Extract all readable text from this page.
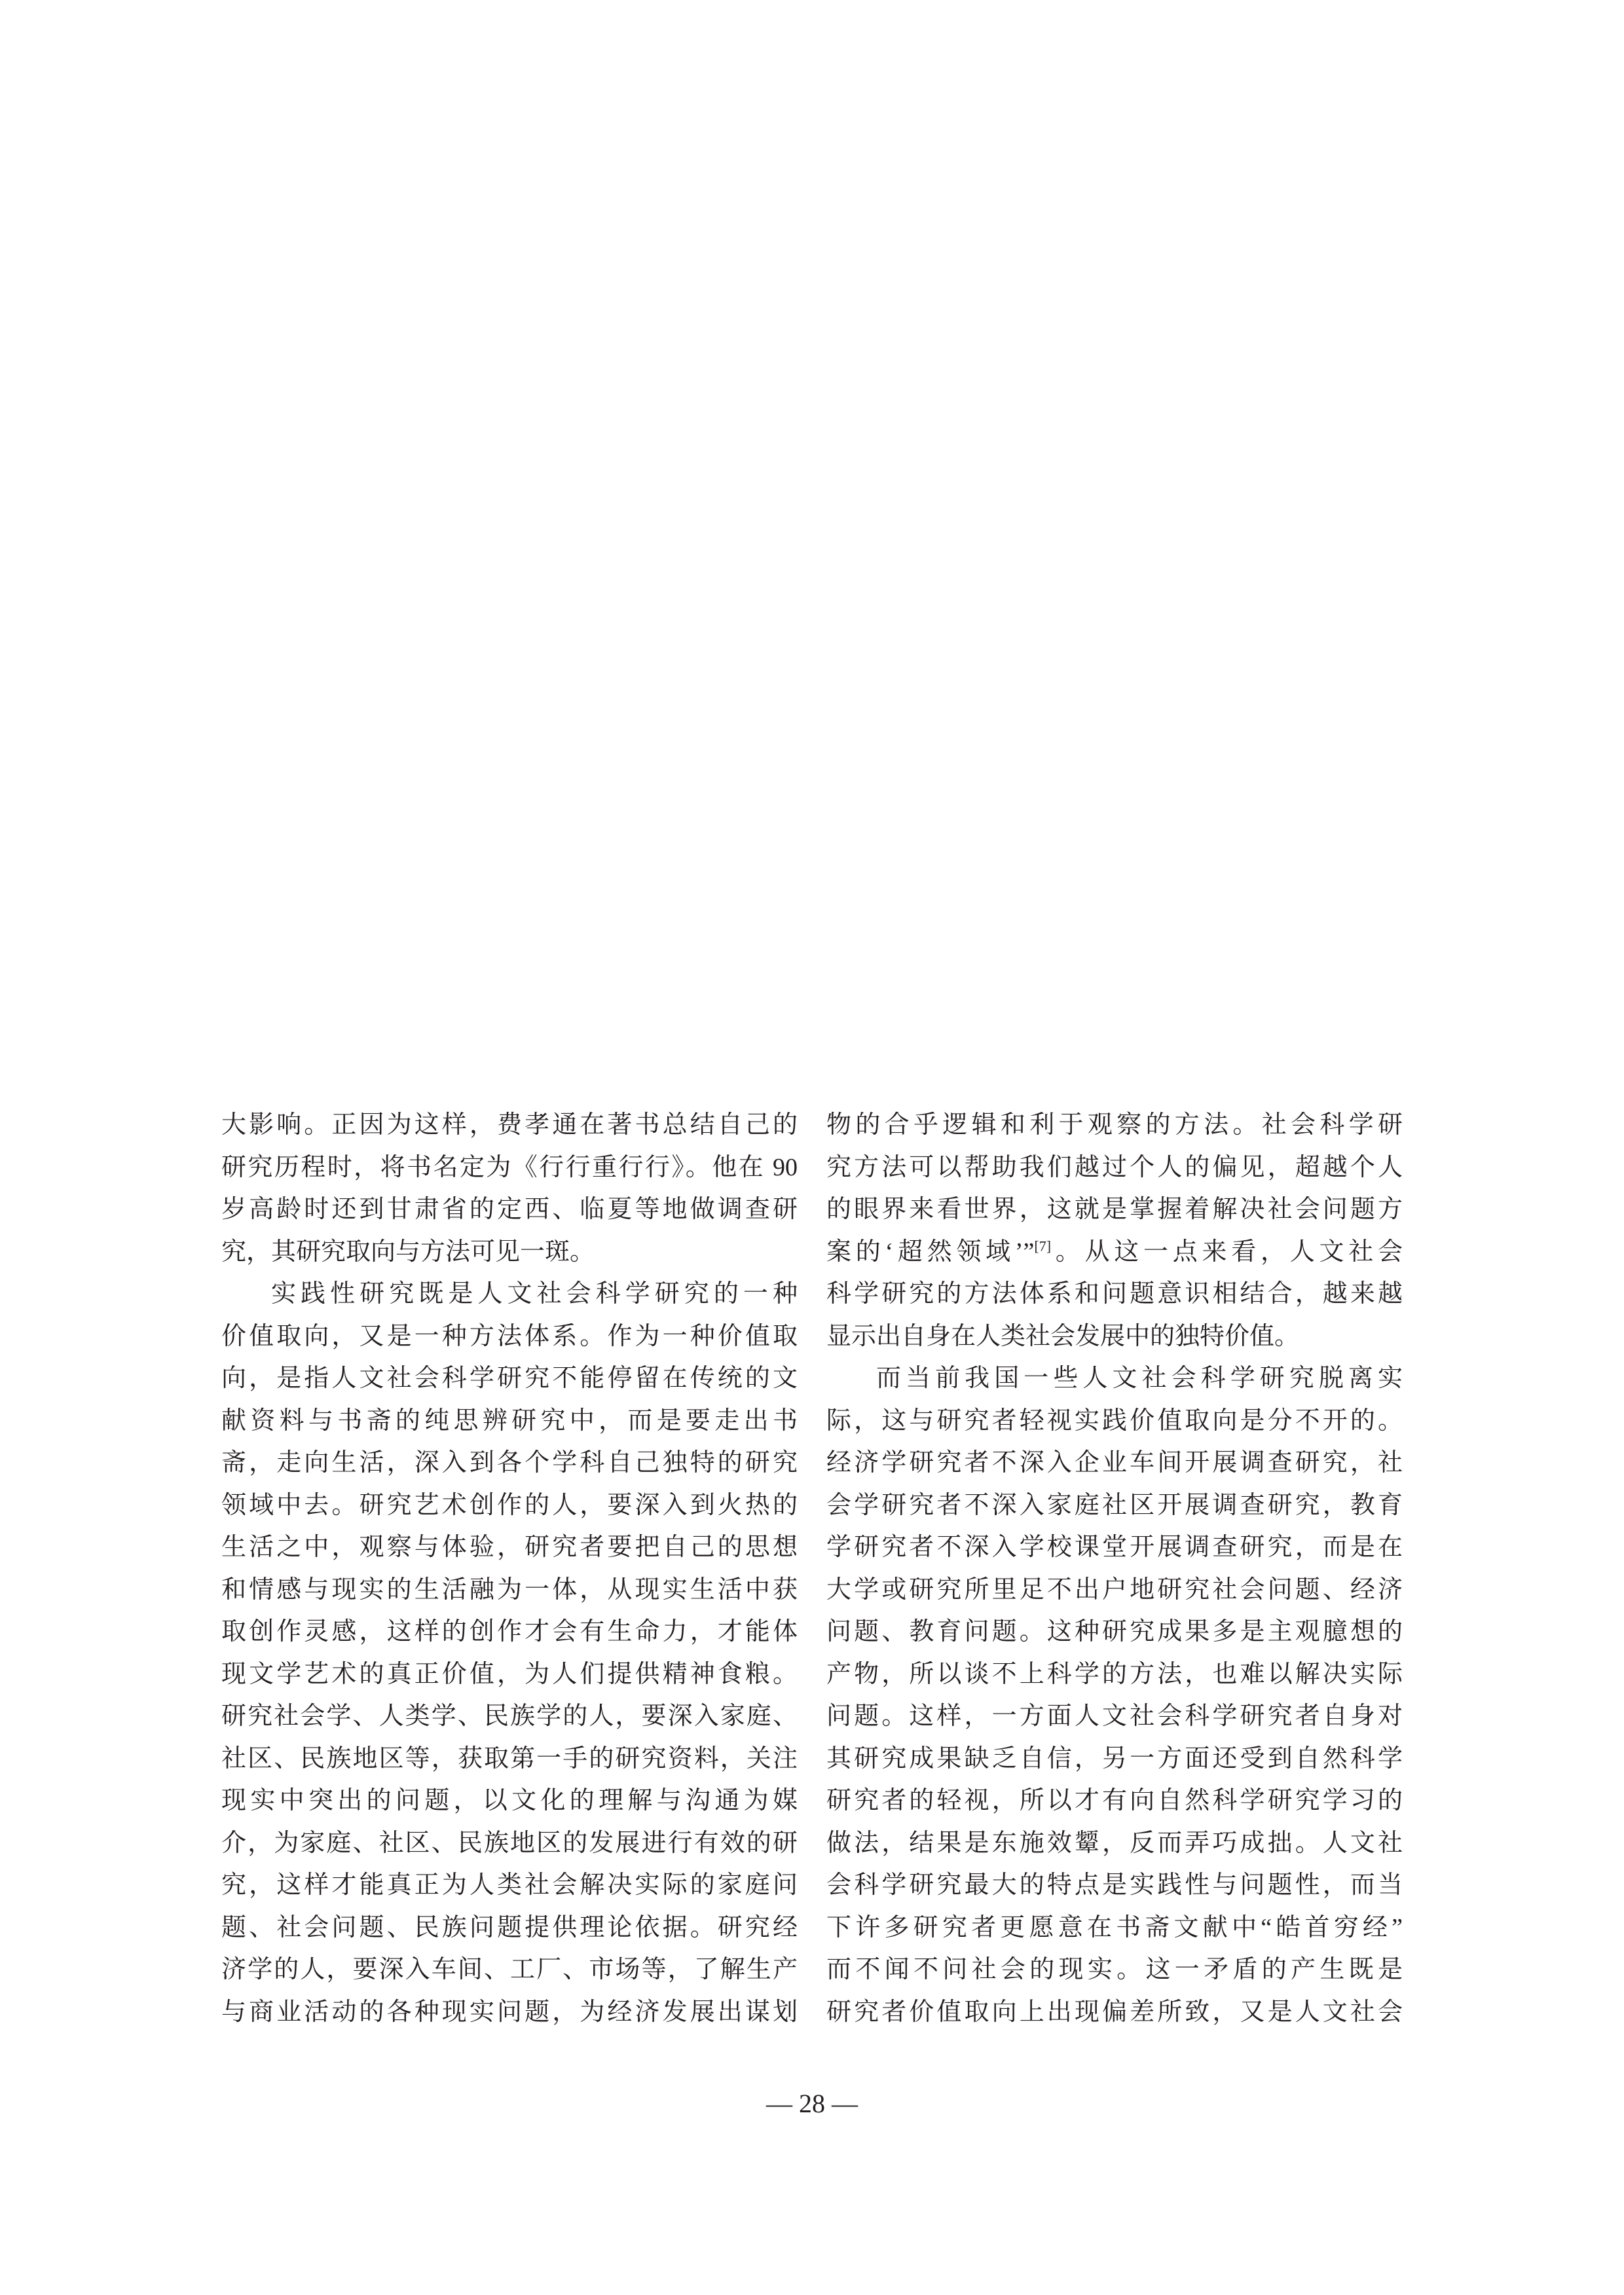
大影响。正因为这样，费孝通在著书总结自己的
研究历程时，将书名定为《行行重行行》。他在 90
岁高龄时还到甘肃省的定西、临夏等地做调查研
究，其研究取向与方法可见一斑。
实践性研究既是人文社会科学研究的一种
价值取向，又是一种方法体系。作为一种价值取
向，是指人文社会科学研究不能停留在传统的文
献资料与书斋的纯思辨研究中，而是要走出书
斋，走向生活，深入到各个学科自己独特的研究
领域中去。研究艺术创作的人，要深入到火热的
生活之中，观察与体验，研究者要把自己的思想
和情感与现实的生活融为一体，从现实生活中获
取创作灵感，这样的创作才会有生命力，才能体
现文学艺术的真正价值，为人们提供精神食粮。
研究社会学、人类学、民族学的人，要深入家庭、
社区、民族地区等，获取第一手的研究资料，关注
现实中突出的问题，以文化的理解与沟通为媒
介，为家庭、社区、民族地区的发展进行有效的研
究，这样才能真正为人类社会解决实际的家庭问
题、社会问题、民族问题提供理论依据。研究经
济学的人，要深入车间、工厂、市场等，了解生产
与商业活动的各种现实问题，为经济发展出谋划
物的合乎逻辑和利于观察的方法。社会科学研
究方法可以帮助我们越过个人的偏见，超越个人
的眼界来看世界，这就是掌握着解决社会问题方
案的‘超然领域’”[7]。从这一点来看，人文社会
科学研究的方法体系和问题意识相结合，越来越
显示出自身在人类社会发展中的独特价值。
而当前我国一些人文社会科学研究脱离实
际，这与研究者轻视实践价值取向是分不开的。
经济学研究者不深入企业车间开展调查研究，社
会学研究者不深入家庭社区开展调查研究，教育
学研究者不深入学校课堂开展调查研究，而是在
大学或研究所里足不出户地研究社会问题、经济
问题、教育问题。这种研究成果多是主观臆想的
产物，所以谈不上科学的方法，也难以解决实际
问题。这样，一方面人文社会科学研究者自身对
其研究成果缺乏自信，另一方面还受到自然科学
研究者的轻视，所以才有向自然科学研究学习的
做法，结果是东施效颦，反而弄巧成拙。人文社
会科学研究最大的特点是实践性与问题性，而当
下许多研究者更愿意在书斋文献中“皓首穷经”
而不闻不问社会的现实。这一矛盾的产生既是
研究者价值取向上出现偏差所致，又是人文社会
— 28 —
